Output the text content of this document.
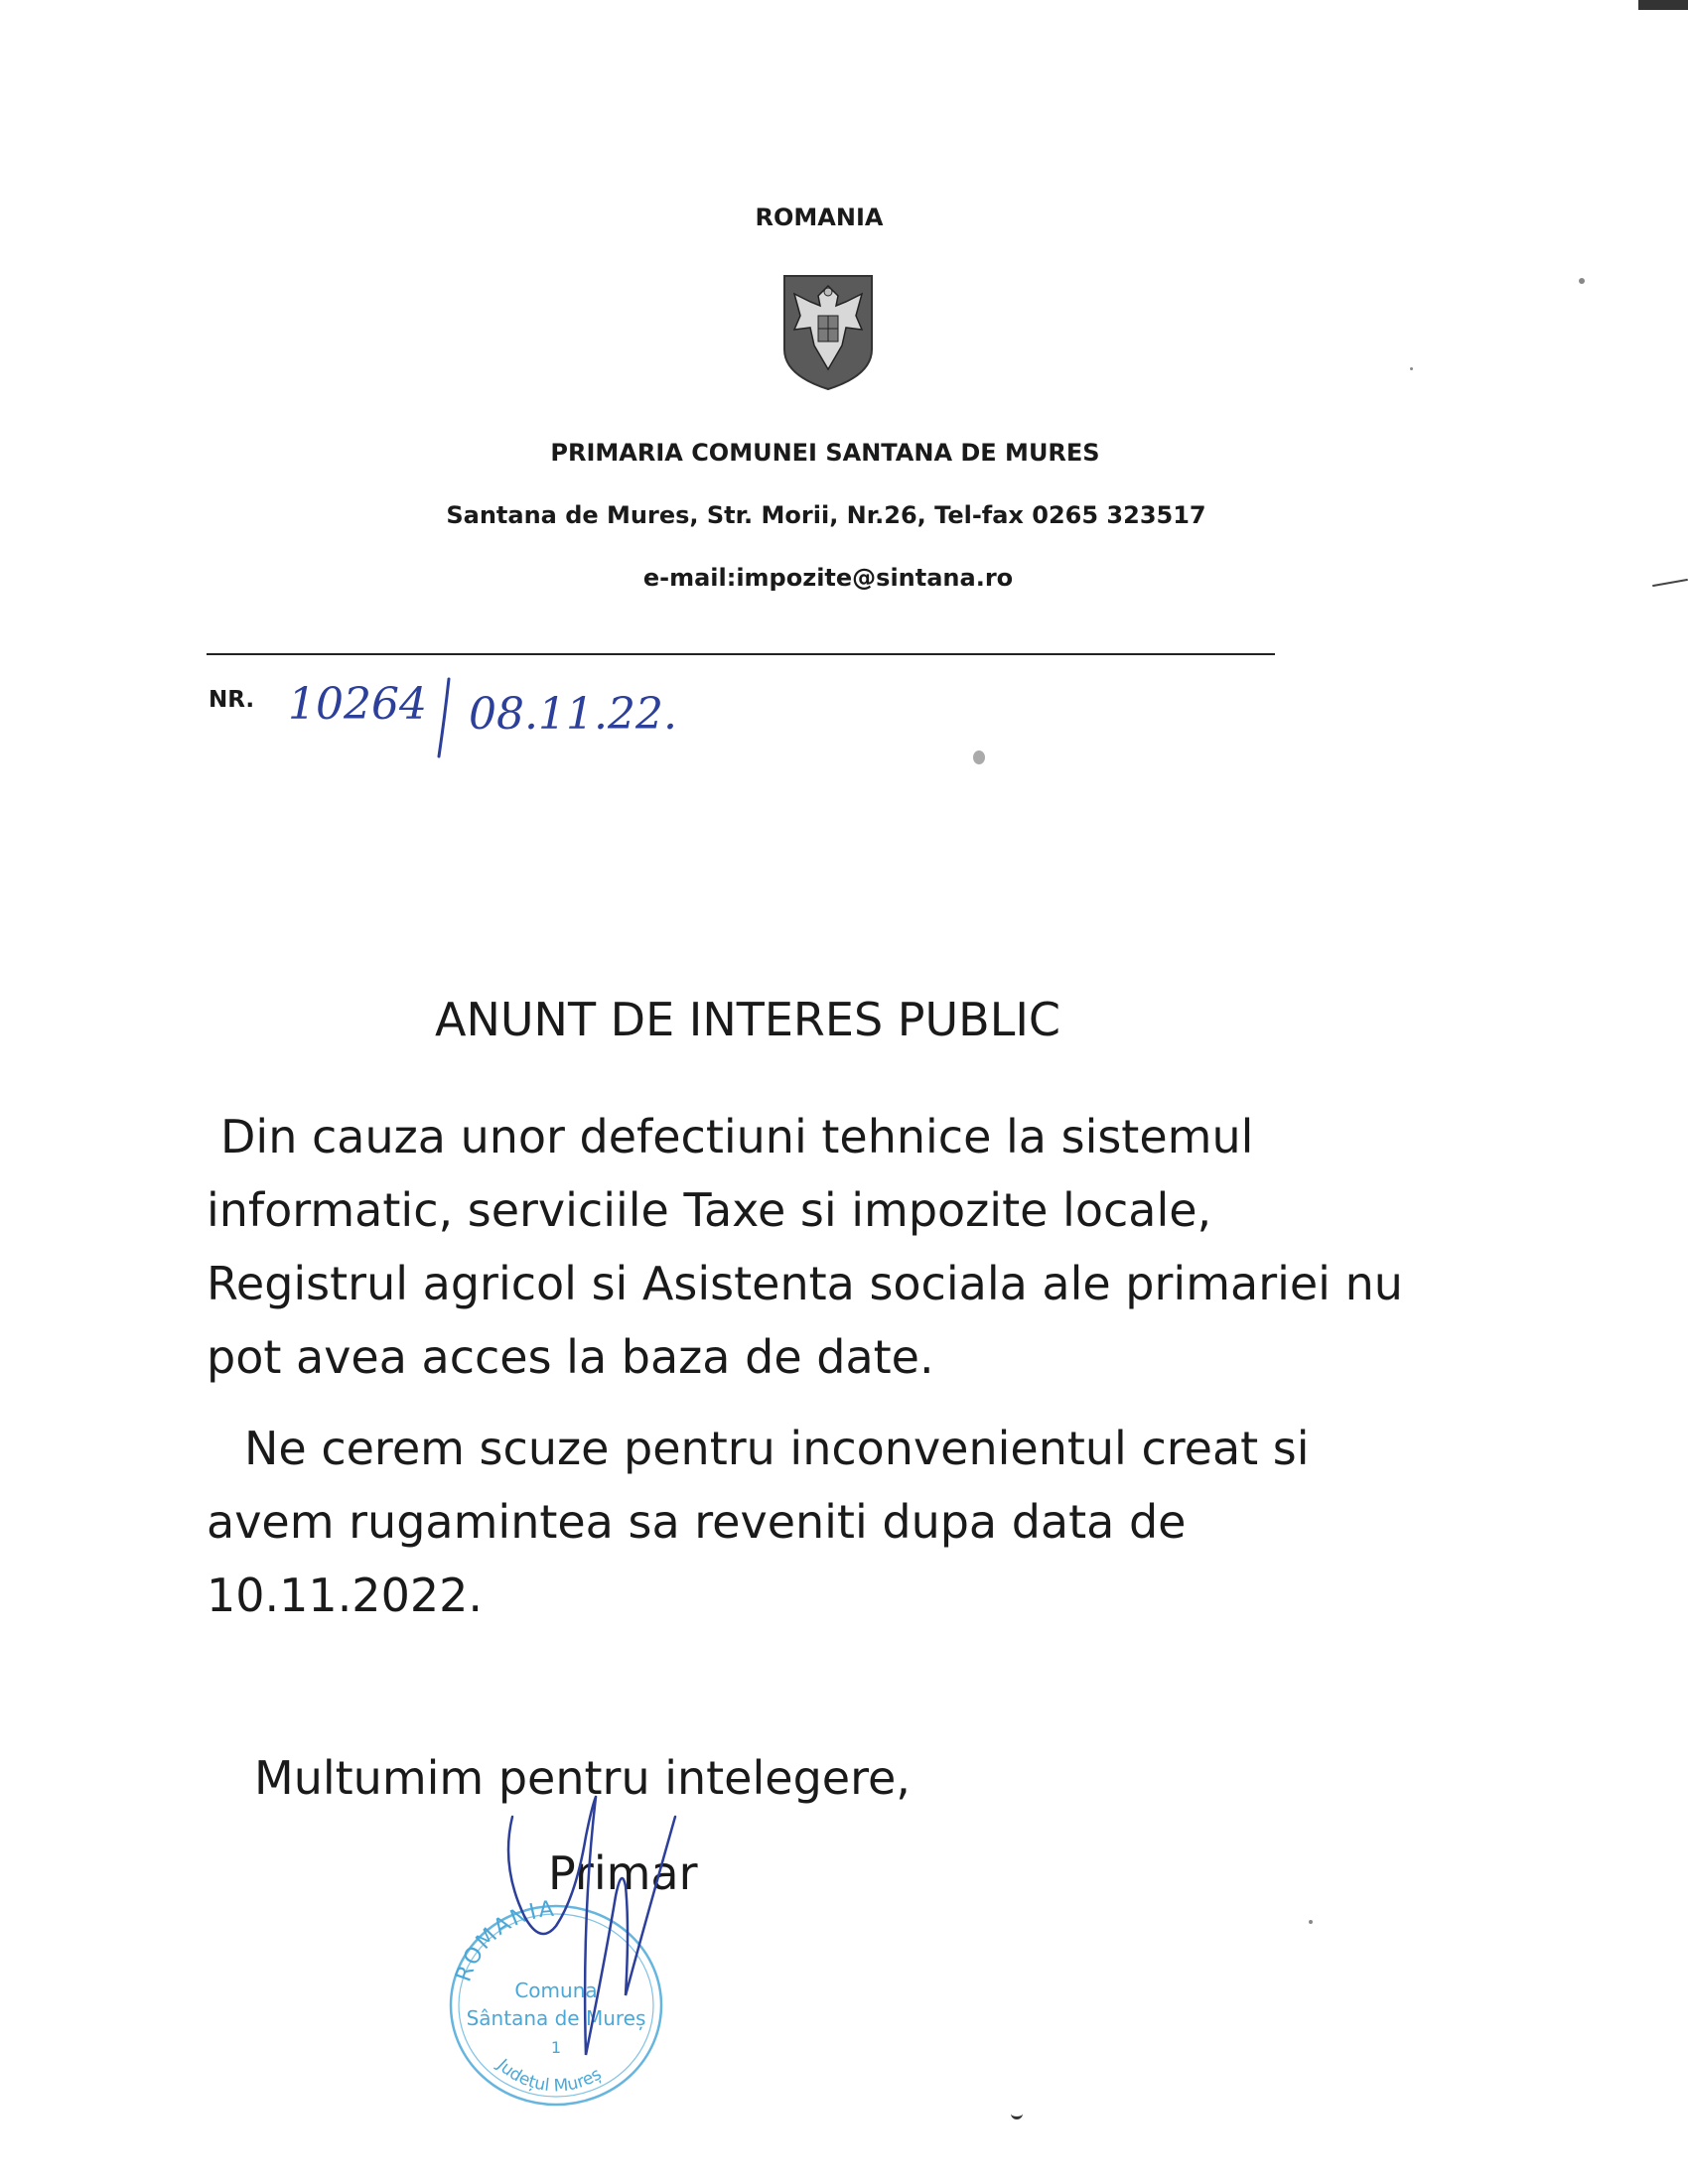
ROMANIA
PRIMARIA COMUNEI SANTANA DE MURES
Santana de Mures, Str. Morii, Nr.26, Tel-fax 0265 323517
e-mail:impozite@sintana.ro
NR. 10264 08.11.22.
ANUNT DE INTERES PUBLIC
Din cauza unor defectiuni tehnice la sistemul
informatic, serviciile Taxe si impozite locale,
Registrul agricol si Asistenta sociala ale primariei nu
pot avea acces la baza de date.
Ne cerem scuze pentru inconvenientul creat si
avem rugamintea sa reveniti dupa data de
10.11.2022.
Multumim pentru intelegere,
Primar
ROMANIA
Comuna
Sântana de Mureș
1
Județul Mureș
